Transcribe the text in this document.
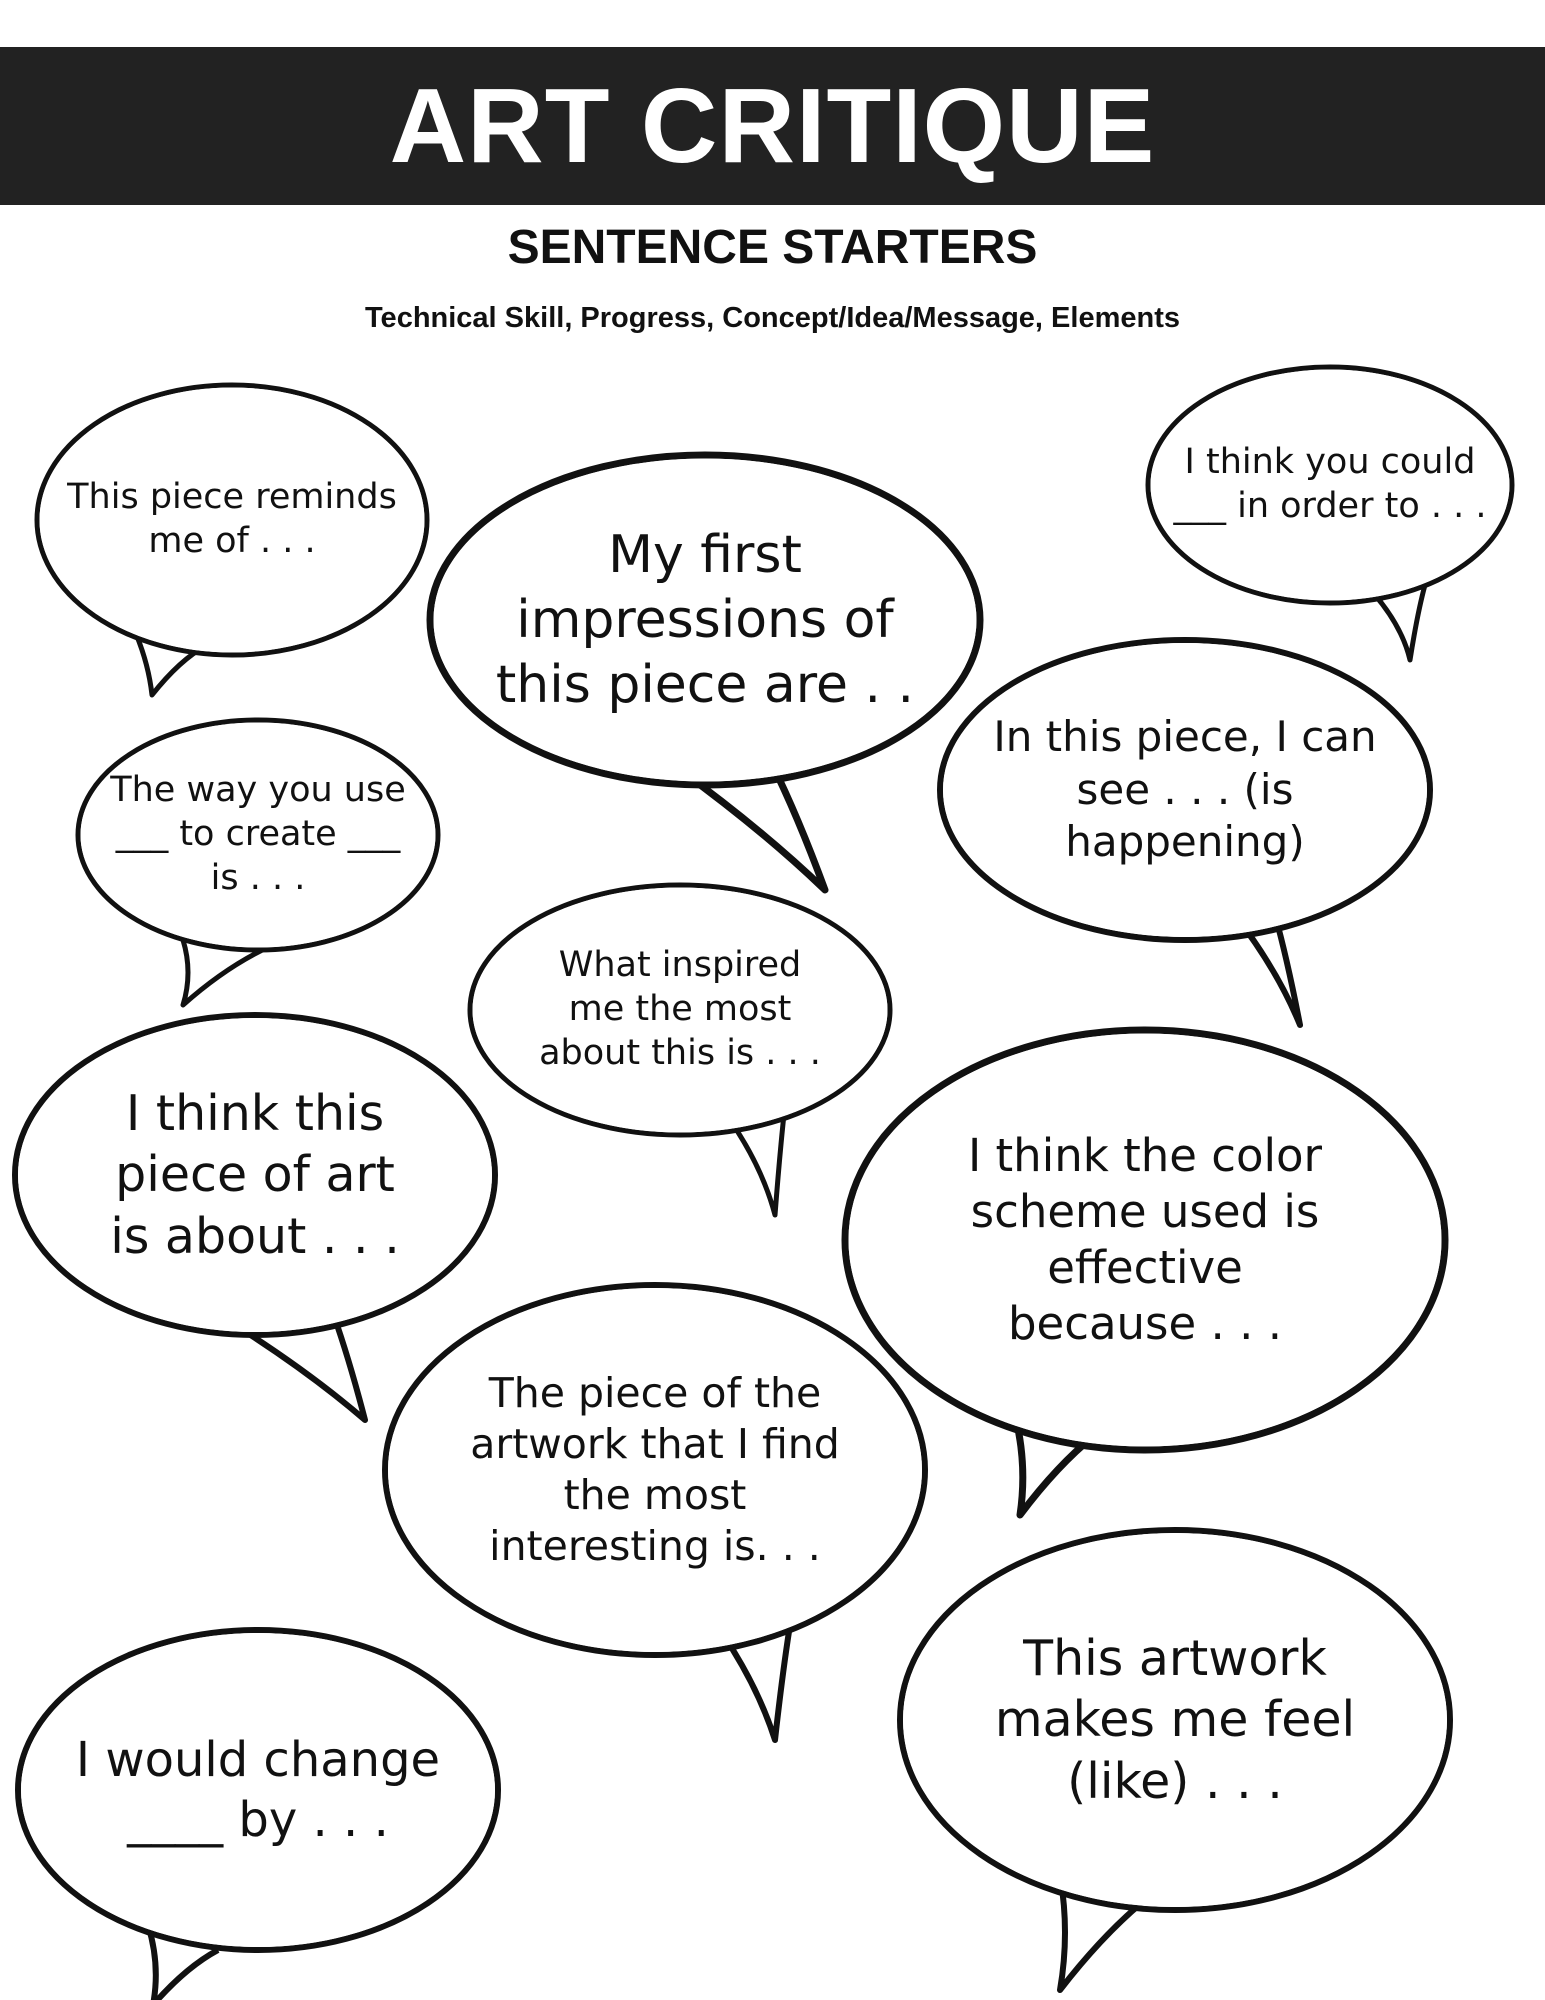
ART CRITIQUE
SENTENCE STARTERS
Technical Skill, Progress, Concept/Idea/Message, Elements
This piece reminds
me of . . .
I think you could
___ in order to . . .
My first
impressions of
this piece are . .
The way you use
___ to create ___
is . . .
In this piece, I can
see . . . (is
happening)
What inspired
me the most
about this is . . .
I think this
piece of art
is about . . .
I think the color
scheme used is
effective
because . . .
The piece of the
artwork that I find
the most
interesting is. . .
This artwork
makes me feel
(like) . . .
I would change
____ by . . .
